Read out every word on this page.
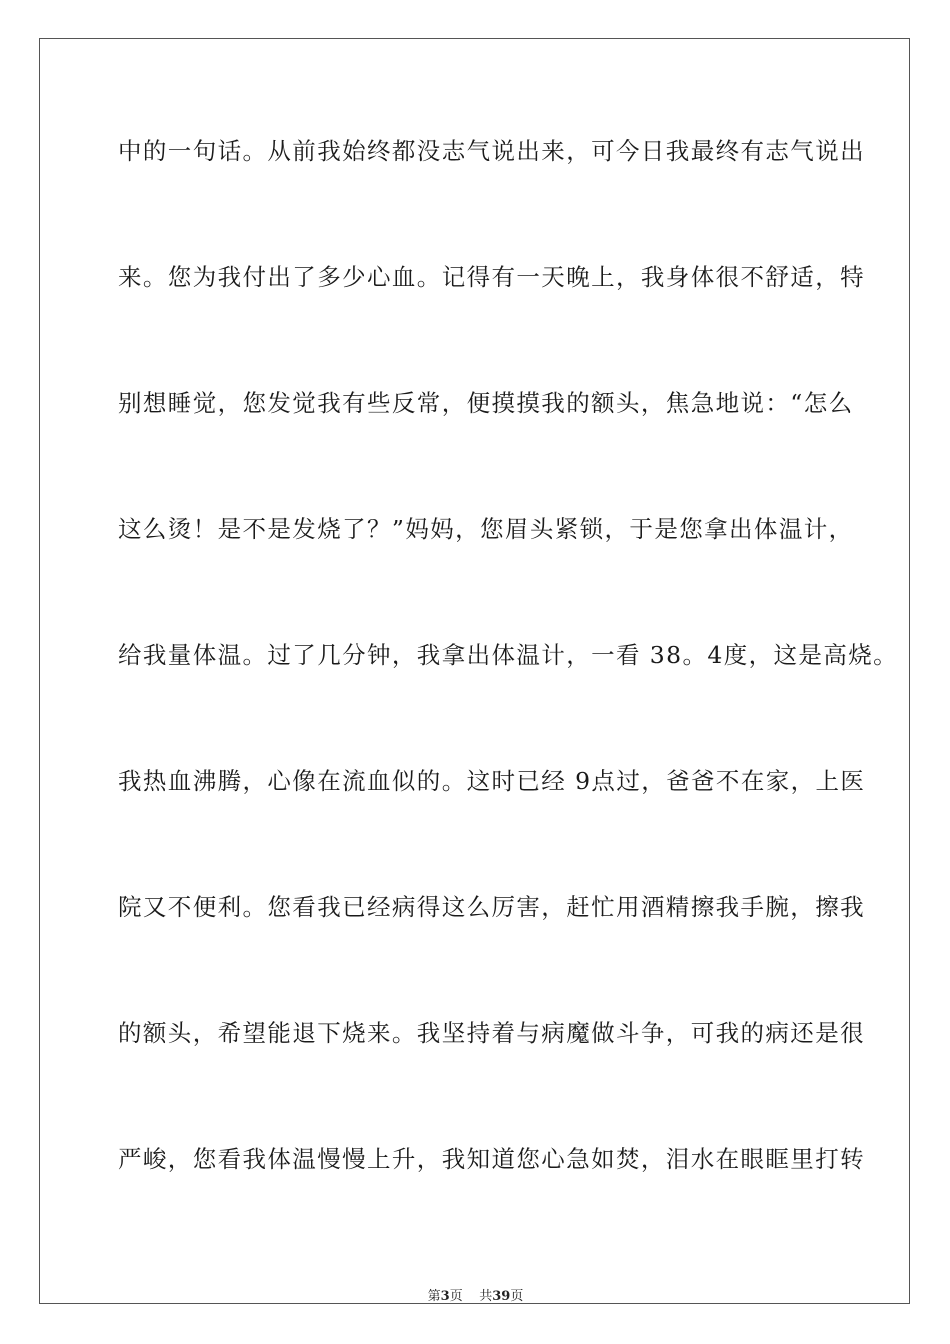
中的一句话。从前我始终都没志气说出来，可今日我最终有志气说出
来。您为我付出了多少心血。记得有一天晚上，我身体很不舒适，特
别想睡觉，您发觉我有些反常，便摸摸我的额头，焦急地说：“怎么
这么烫！是不是发烧了？”妈妈，您眉头紧锁，于是您拿出体温计，
给我量体温。过了几分钟，我拿出体温计，一看 38。4度，这是高烧。
我热血沸腾，心像在流血似的。这时已经 9点过，爸爸不在家，上医
院又不便利。您看我已经病得这么厉害，赶忙用酒精擦我手腕，擦我
的额头，希望能退下烧来。我坚持着与病魔做斗争，可我的病还是很
严峻，您看我体温慢慢上升，我知道您心急如焚，泪水在眼眶里打转
第3页 共39页
